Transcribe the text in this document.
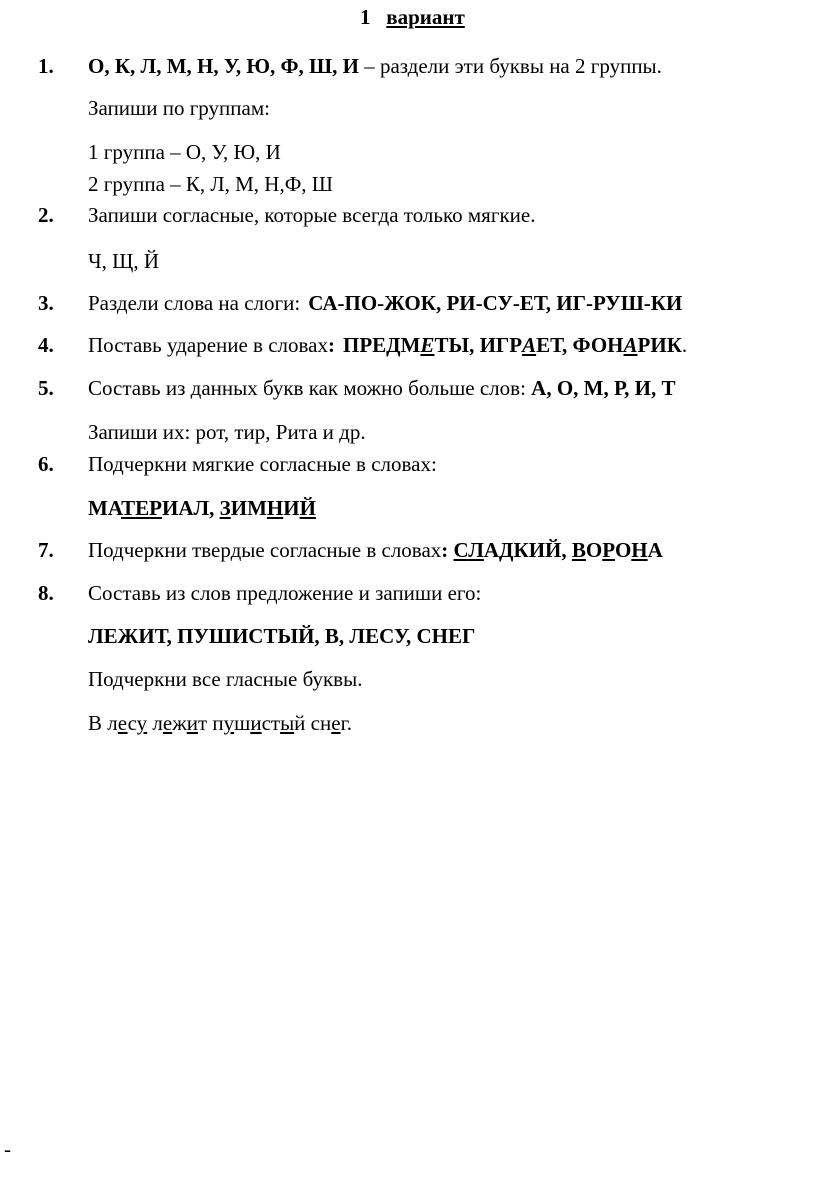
1 вариант
1. О, К, Л, М, Н, У, Ю, Ф, Ш, И – раздели эти буквы на 2 группы.
Запиши по группам:
1 группа – О, У, Ю, И
2 группа – К, Л, М, Н,Ф, Ш
2. Запиши согласные, которые всегда только мягкие.
Ч, Щ, Й
3. Раздели слова на слоги: СА-ПО-ЖОК, РИ-СУ-ЕТ, ИГ-РУШ-КИ
4. Поставь ударение в словах: ПРЕДМЕТЫ, ИГРАЕТ, ФОНАРИК.
5. Составь из данных букв как можно больше слов: А, О, М, Р, И, Т
Запиши их: рот, тир, Рита и др.
6. Подчеркни мягкие согласные в словах:
МАТЕРИАЛ, ЗИМНИЙ
7. Подчеркни твердые согласные в словах: СЛАДКИЙ, ВОРОНА
8. Составь из слов предложение и запиши его:
ЛЕЖИТ, ПУШИСТЫЙ, В, ЛЕСУ, СНЕГ
Подчеркни все гласные буквы.
В лесу лежит пушистый снег.
-
